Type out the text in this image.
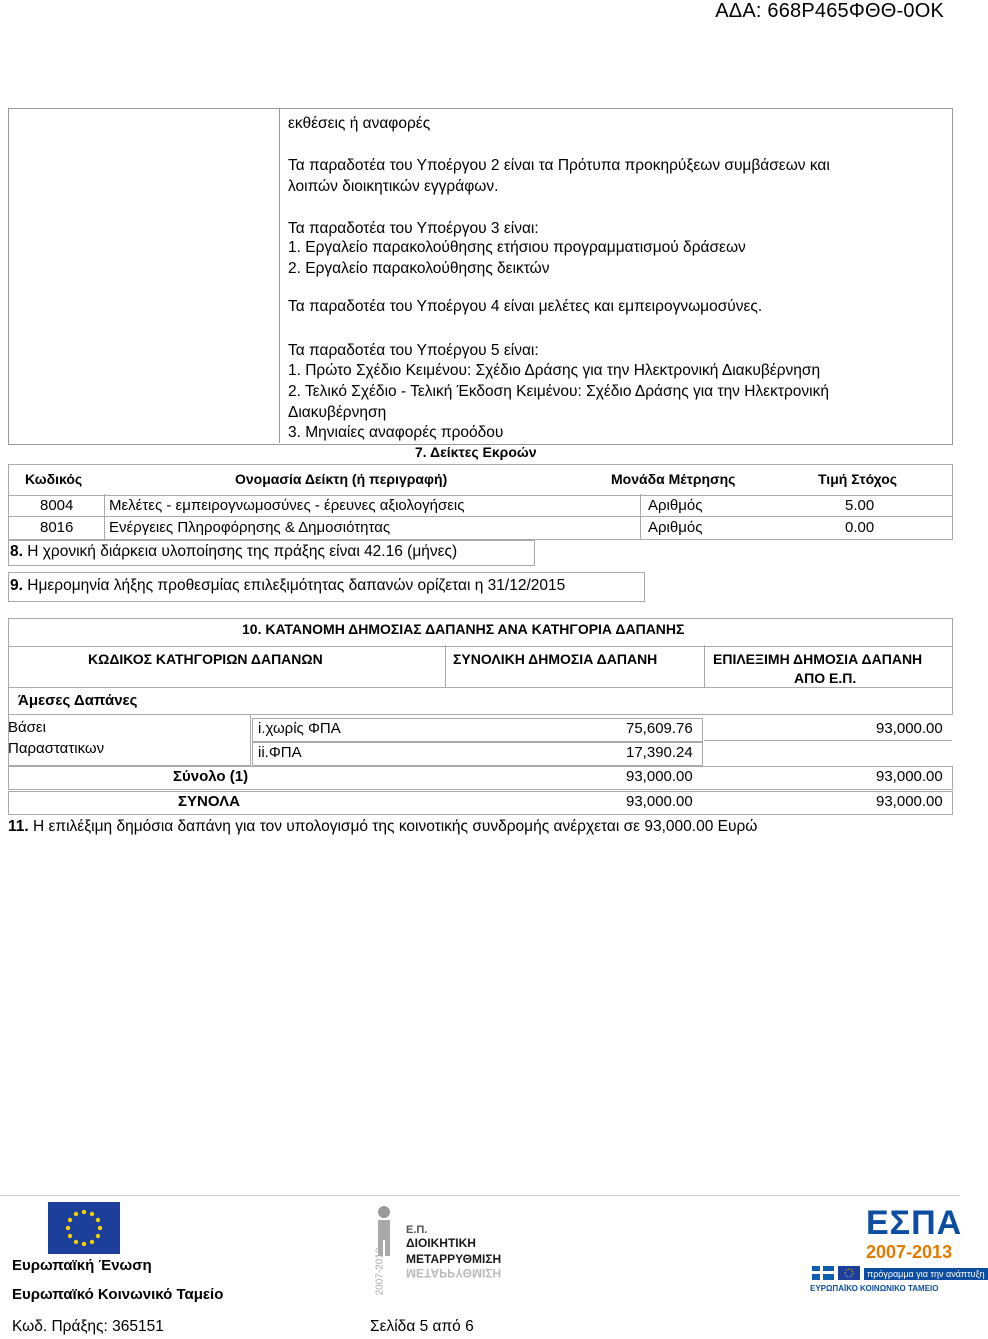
ΑΔΑ: 668Ρ465ΦΘΘ-0ΟΚ
εκθέσεις ή αναφορές
Τα παραδοτέα του Υποέργου 2 είναι τα Πρότυπα προκηρύξεων συμβάσεων και
λοιπών διοικητικών εγγράφων.
Τα παραδοτέα του Υποέργου 3 είναι:
1. Εργαλείο παρακολούθησης ετήσιου προγραμματισμού δράσεων
2. Εργαλείο παρακολούθησης δεικτών
Τα παραδοτέα του Υποέργου 4 είναι μελέτες και εμπειρογνωμοσύνες.
Τα παραδοτέα του Υποέργου 5 είναι:
1. Πρώτο Σχέδιο Κειμένου: Σχέδιο Δράσης για την Ηλεκτρονική Διακυβέρνηση
2. Τελικό Σχέδιο - Τελική Έκδοση Κειμένου: Σχέδιο Δράσης για την Ηλεκτρονική
Διακυβέρνηση
3. Μηνιαίες αναφορές προόδου
7. Δείκτες Εκροών
Κωδικός	Ονομασία Δείκτη (ή περιγραφή)	Μονάδα Μέτρησης	Τιμή Στόχος
8004 Μελέτες - εμπειρογνωμοσύνες - έρευνες αξιολογήσεις	Αριθμός	5.00
8016 Ενέργειες Πληροφόρησης & Δημοσιότητας	Αριθμός	0.00
8. Η χρονική διάρκεια υλοποίησης της πράξης είναι 42.16 (μήνες)
9. Ημερομηνία λήξης προθεσμίας επιλεξιμότητας δαπανών ορίζεται η 31/12/2015
10. ΚΑΤΑΝΟΜΗ ΔΗΜΟΣΙΑΣ ΔΑΠΑΝΗΣ ΑΝΑ ΚΑΤΗΓΟΡΙΑ ΔΑΠΑΝΗΣ
ΚΩΔΙΚΟΣ ΚΑΤΗΓΟΡΙΩΝ ΔΑΠΑΝΩΝ	ΣΥΝΟΛΙΚΗ ΔΗΜΟΣΙΑ ΔΑΠΑΝΗ	ΕΠΙΛΕΞΙΜΗ ΔΗΜΟΣΙΑ ΔΑΠΑΝΗ
ΑΠΟ Ε.Π.
Άμεσες Δαπάνες
Βάσει
Παραστατικων
i.χωρίς ΦΠΑ	75,609.76	93,000.00
ii.ΦΠΑ	17,390.24
Σύνολο (1)	93,000.00	93,000.00
ΣΥΝΟΛΑ	93,000.00	93,000.00
11. Η επιλέξιμη δημόσια δαπάνη για τον υπολογισμό της κοινοτικής συνδρομής ανέρχεται σε 93,000.00 Ευρώ
Ευρωπαϊκή Ένωση
Ευρωπαϊκό Κοινωνικό Ταμείο	2007-2013
Ε.Π.
ΔΙΟΙΚΗΤΙΚΗ
ΜΕΤΑΡΡΥΘΜΙΣΗ
ΜΕΤΑΡΡΥΘΜΙΣΗ
ΕΣΠΑ
2007-2013
πρόγραμμα για την ανάπτυξη
ΕΥΡΩΠΑΪΚΟ ΚΟΙΝΩΝΙΚΟ ΤΑΜΕΙΟ
Κωδ. Πράξης: 365151	Σελίδα 5 από 6
